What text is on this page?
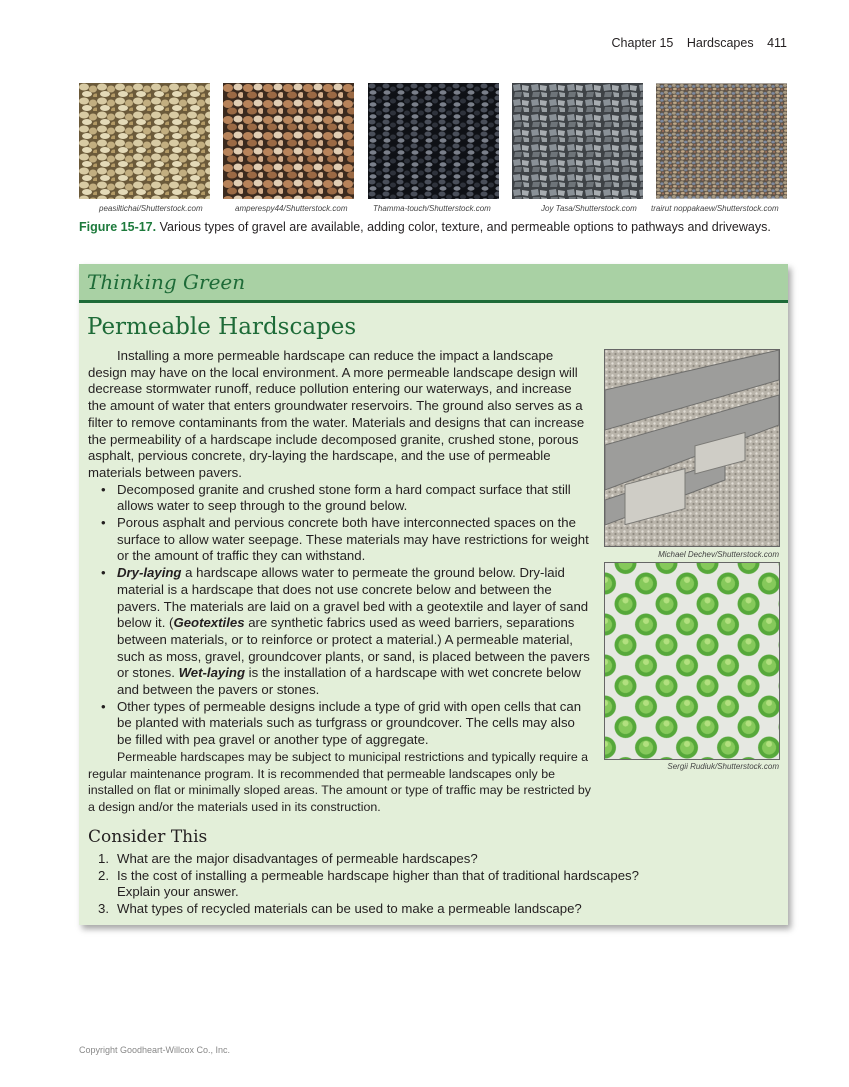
Chapter 15 Hardscapes 411
peasiltichai/Shutterstock.com	amperespy44/Shutterstock.com	Thamma-touch/Shutterstock.com	Joy Tasa/Shutterstock.com trairut noppakaew/Shutterstock.com
Figure 15-17. Various types of gravel are available, adding color, texture, and permeable options to pathways and driveways.
Thinking Green
Permeable Hardscapes

Installing a more permeable hardscape can reduce the impact a landscape design may have on the local environment. A more permeable landscape design will decrease stormwater runoff, reduce pollution entering our waterways, and increase the amount of water that enters groundwater reservoirs. The ground also serves as a filter to remove contaminants from the water. Materials and designs that can increase the permeability of a hardscape include decomposed granite, crushed stone, porous asphalt, pervious concrete, dry-laying the hardscape, and the use of permeable materials between pavers.

• Decomposed granite and crushed stone form a hard compact surface that still allows water to seep through to the ground below.
• Porous asphalt and pervious concrete both have interconnected spaces on the surface to allow water seepage. These materials may have restrictions for weight or the amount of traffic they can withstand.
• Dry-laying a hardscape allows water to permeate the ground below. Dry-laid material is a hardscape that does not use concrete below and between the pavers. The materials are laid on a gravel bed with a geotextile and layer of sand below it. (Geotextiles are synthetic fabrics used as weed barriers, separations between materials, or to reinforce or protect a material.) A permeable material, such as moss, gravel, groundcover plants, or sand, is placed between the pavers or stones. Wet-laying is the installation of a hardscape with wet concrete below and between the pavers or stones.
• Other types of permeable designs include a type of grid with open cells that can be planted with materials such as turfgrass or groundcover. The cells may also be filled with pea gravel or another type of aggregate.

Permeable hardscapes may be subject to municipal restrictions and typically require a regular maintenance program. It is recommended that permeable landscapes only be installed on flat or minimally sloped areas. The amount or type of traffic may be restricted by a design and/or the materials used in its construction.

Michael Dechev/Shutterstock.com
Sergii Rudiuk/Shutterstock.com
Consider This
1. What are the major disadvantages of permeable hardscapes?
2. Is the cost of installing a permeable hardscape higher than that of traditional hardscapes? Explain your answer.
3. What types of recycled materials can be used to make a permeable landscape?
Copyright Goodheart-Willcox Co., Inc.
